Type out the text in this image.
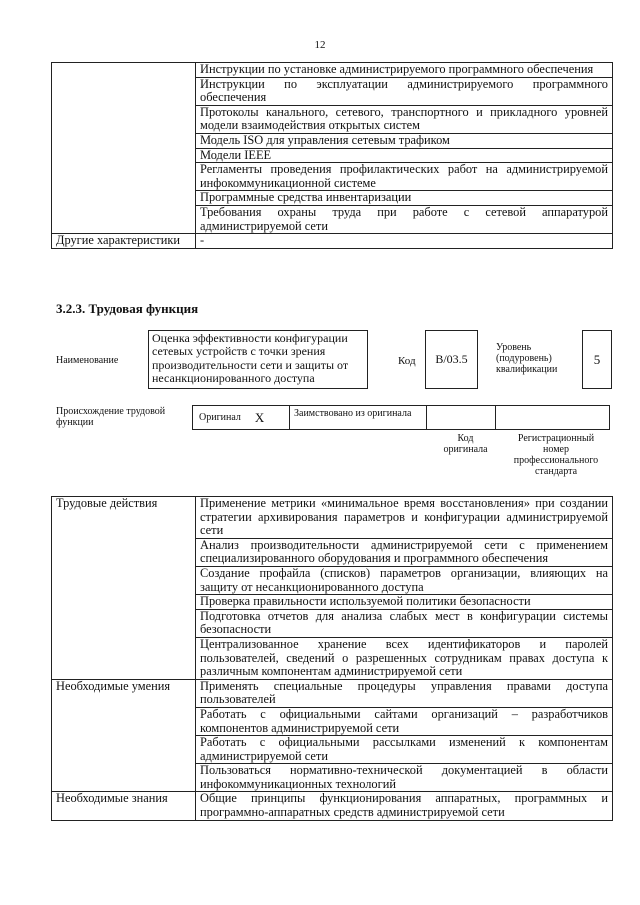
12
	Инструкции по установке администрируемого программного обеспечения
	Инструкции по эксплуатации администрируемого программного обеспечения
	Протоколы канального, сетевого, транспортного и прикладного уровней модели взаимодействия открытых систем
	Модель ISO для управления сетевым трафиком
	Модели IEEE
	Регламенты проведения профилактических работ на администрируемой инфокоммуникационной системе
	Программные средства инвентаризации
	Требования охраны труда при работе с сетевой аппаратурой администрируемой сети
Другие характеристики	-
3.2.3. Трудовая функция
Наименование
Оценка эффективности конфигурации сетевых устройств с точки зрения производительности сети и защиты от несанкционированного доступа
Код	B/03.5
Уровень (подуровень) квалификации
5
Происхождение трудовой функции	Оригинал X	Заимствовано из оригинала
Код оригинала
Регистрационный номер профессионального стандарта
Трудовые действия	Применение метрики «минимальное время восстановления» при создании стратегии архивирования параметров и конфигурации администрируемой сети
	Анализ производительности администрируемой сети с применением специализированного оборудования и программного обеспечения
	Создание профайла (списков) параметров организации, влияющих на защиту от несанкционированного доступа
	Проверка правильности используемой политики безопасности
	Подготовка отчетов для анализа слабых мест в конфигурации системы безопасности
	Централизованное хранение всех идентификаторов и паролей пользователей, сведений о разрешенных сотрудникам правах доступа к различным компонентам администрируемой сети
Необходимые умения	Применять специальные процедуры управления правами доступа пользователей
	Работать с официальными сайтами организаций – разработчиков компонентов администрируемой сети
	Работать с официальными рассылками изменений к компонентам администрируемой сети
	Пользоваться нормативно-технической документацией в области инфокоммуникационных технологий
Необходимые знания	Общие принципы функционирования аппаратных, программных и программно-аппаратных средств администрируемой сети
